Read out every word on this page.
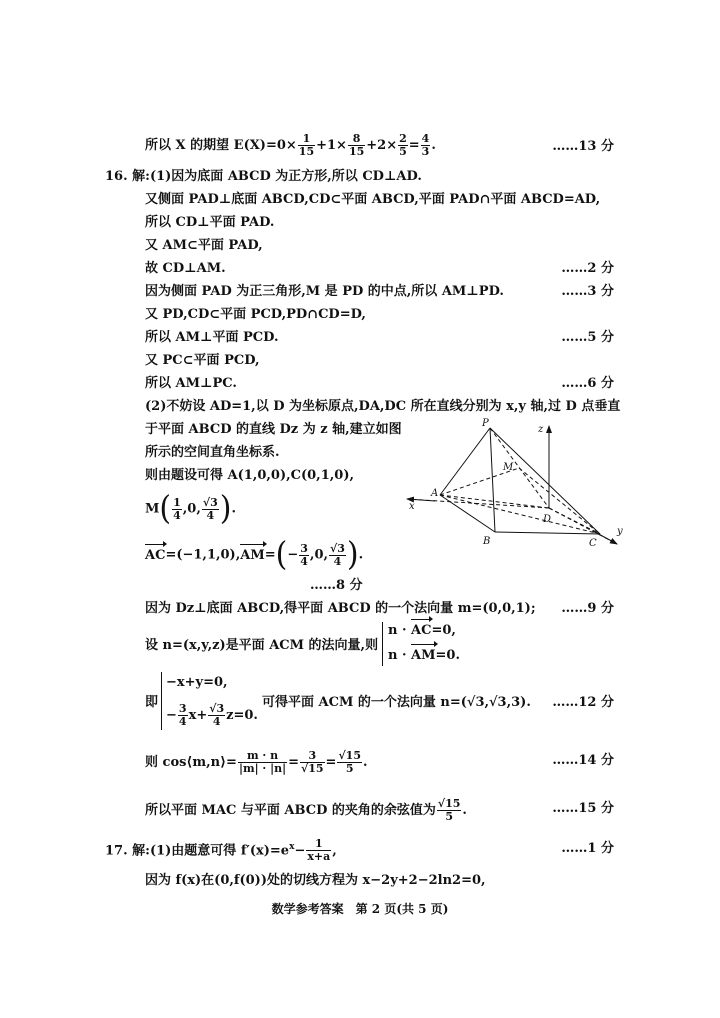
所以 X 的期望 $E(X)=0\times \frac{1}{15} +1\times \frac{8}{15} +2\times \frac{2}{5} = \frac{4}{3}$ .	……13 分
16. 解:(1)因为底面 ABCD 为正方形,所以 CD⊥AD.
又侧面 PAD⊥底面 ABCD,CD⊂平面 ABCD,平面 PAD∩平面 ABCD=AD,
所以 CD⊥平面 PAD.
又 AM⊂平面 PAD,
故 CD⊥AM.	……2 分
因为侧面 PAD 为正三角形,M 是 PD 的中点,所以 AM⊥PD.	……3 分
又 PD,CD⊂平面 PCD,PD∩CD=D,
所以 AM⊥平面 PCD.	……5 分
又 PC⊂平面 PCD,
所以 AM⊥PC.	……6 分
(2)不妨设 AD=1,以 D 为坐标原点,DA,DC 所在直线分别为 x,y 轴,过 D 点垂直
于平面 ABCD 的直线 Dz 为 z 轴,建立如图
所示的空间直角坐标系.
则由题设可得 A(1,0,0),C(0,1,0),
$M( \frac{1}{4} ,0$, $\frac{√3}{4}$ ).
$AC=(-1,1,0),AM=(- \frac{3}{4} ,0$, $\frac{√3}{4}$ ).
……8 分
因为 Dz⊥底面 ABCD,得平面 ABCD 的一个法向量 m=(0,0,1); ……9 分
设 n=(x,y,z)是平面 ACM 的法向量,则
n · AC=0,
n · AM=0.
即
−x+y=0,
− $\frac{3}{4} x+ \frac{√3}{4} z=0$.
可得平面 ACM 的一个法向量 n=(√3,√3,3). ……12 分
则 cos⟨m,n⟩= $\frac{m \cdot n}{|m| \cdot |n|} = \frac{3}{√15} = \frac{√15}{5}$ .	……14 分
所以平面 MAC 与平面 ABCD 的夹角的余弦值为 $\frac{√15}{5}$ .	……15 分
17. 解:(1)由题意可得 $f'(x)=e^x- \frac{1}{x+a}$ ,	……1 分
因为 f(x)在(0,f(0))处的切线方程为 x−2y+2−2ln2=0,
数学参考答案　第 2 页(共 5 页)
P
M
A
D
B	C
x
y
z
